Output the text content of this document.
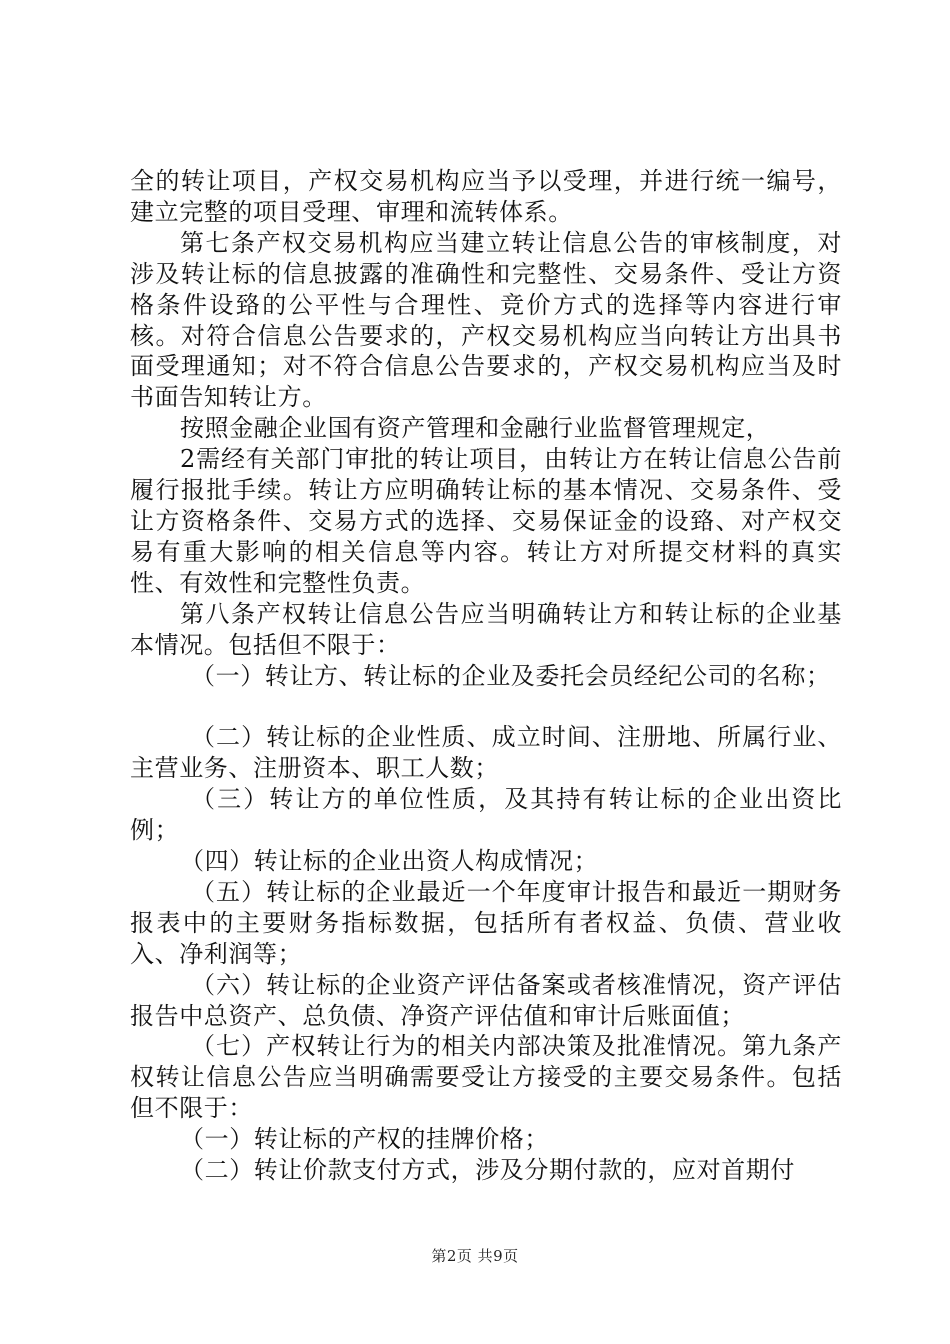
全的转让项目，产权交易机构应当予以受理，并进行统一编号，建立完整的项目受理、审理和流转体系。

第七条产权交易机构应当建立转让信息公告的审核制度，对涉及转让标的信息披露的准确性和完整性、交易条件、受让方资格条件设臵的公平性与合理性、竞价方式的选择等内容进行审核。对符合信息公告要求的，产权交易机构应当向转让方出具书面受理通知；对不符合信息公告要求的，产权交易机构应当及时书面告知转让方。

按照金融企业国有资产管理和金融行业监督管理规定，

2需经有关部门审批的转让项目，由转让方在转让信息公告前履行报批手续。转让方应明确转让标的基本情况、交易条件、受让方资格条件、交易方式的选择、交易保证金的设臵、对产权交易有重大影响的相关信息等内容。转让方对所提交材料的真实性、有效性和完整性负责。

第八条产权转让信息公告应当明确转让方和转让标的企业基本情况。包括但不限于：

（一）转让方、转让标的企业及委托会员经纪公司的名称；

（二）转让标的企业性质、成立时间、注册地、所属行业、主营业务、注册资本、职工人数；

（三）转让方的单位性质，及其持有转让标的企业出资比例；

（四）转让标的企业出资人构成情况；

（五）转让标的企业最近一个年度审计报告和最近一期财务报表中的主要财务指标数据，包括所有者权益、负债、营业收入、净利润等；

（六）转让标的企业资产评估备案或者核准情况，资产评估报告中总资产、总负债、净资产评估值和审计后账面值；

（七）产权转让行为的相关内部决策及批准情况。第九条产权转让信息公告应当明确需要受让方接受的主要交易条件。包括但不限于：

（一）转让标的产权的挂牌价格；

（二）转让价款支付方式，涉及分期付款的，应对首期付

第2页 共9页
